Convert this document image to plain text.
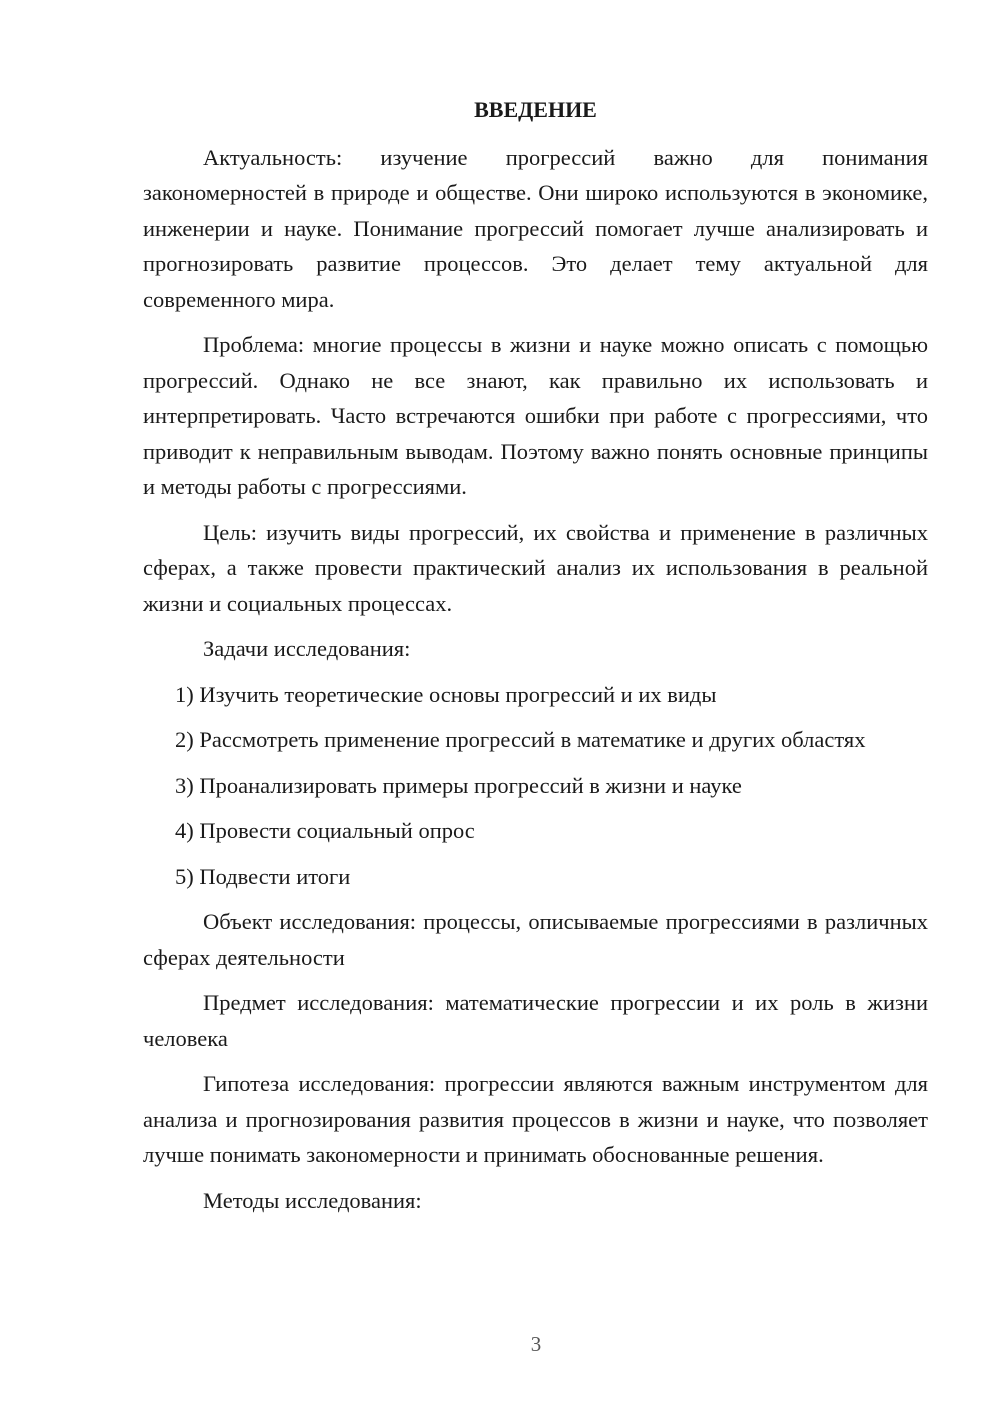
ВВЕДЕНИЕ

Актуальность: изучение прогрессий важно для понимания закономерностей в природе и обществе. Они широко используются в экономике, инженерии и науке. Понимание прогрессий помогает лучше анализировать и прогнозировать развитие процессов. Это делает тему актуальной для современного мира.

Проблема: многие процессы в жизни и науке можно описать с помощью прогрессий. Однако не все знают, как правильно их использовать и интерпретировать. Часто встречаются ошибки при работе с прогрессиями, что приводит к неправильным выводам. Поэтому важно понять основные принципы и методы работы с прогрессиями.

Цель: изучить виды прогрессий, их свойства и применение в различных сферах, а также провести практический анализ их использования в реальной жизни и социальных процессах.

Задачи исследования:

1) Изучить теоретические основы прогрессий и их виды

2) Рассмотреть применение прогрессий в математике и других областях

3) Проанализировать примеры прогрессий в жизни и науке

4) Провести социальный опрос

5) Подвести итоги

Объект исследования: процессы, описываемые прогрессиями в различных сферах деятельности

Предмет исследования: математические прогрессии и их роль в жизни человека

Гипотеза исследования: прогрессии являются важным инструментом для анализа и прогнозирования развития процессов в жизни и науке, что позволяет лучше понимать закономерности и принимать обоснованные решения.

Методы исследования:

3
